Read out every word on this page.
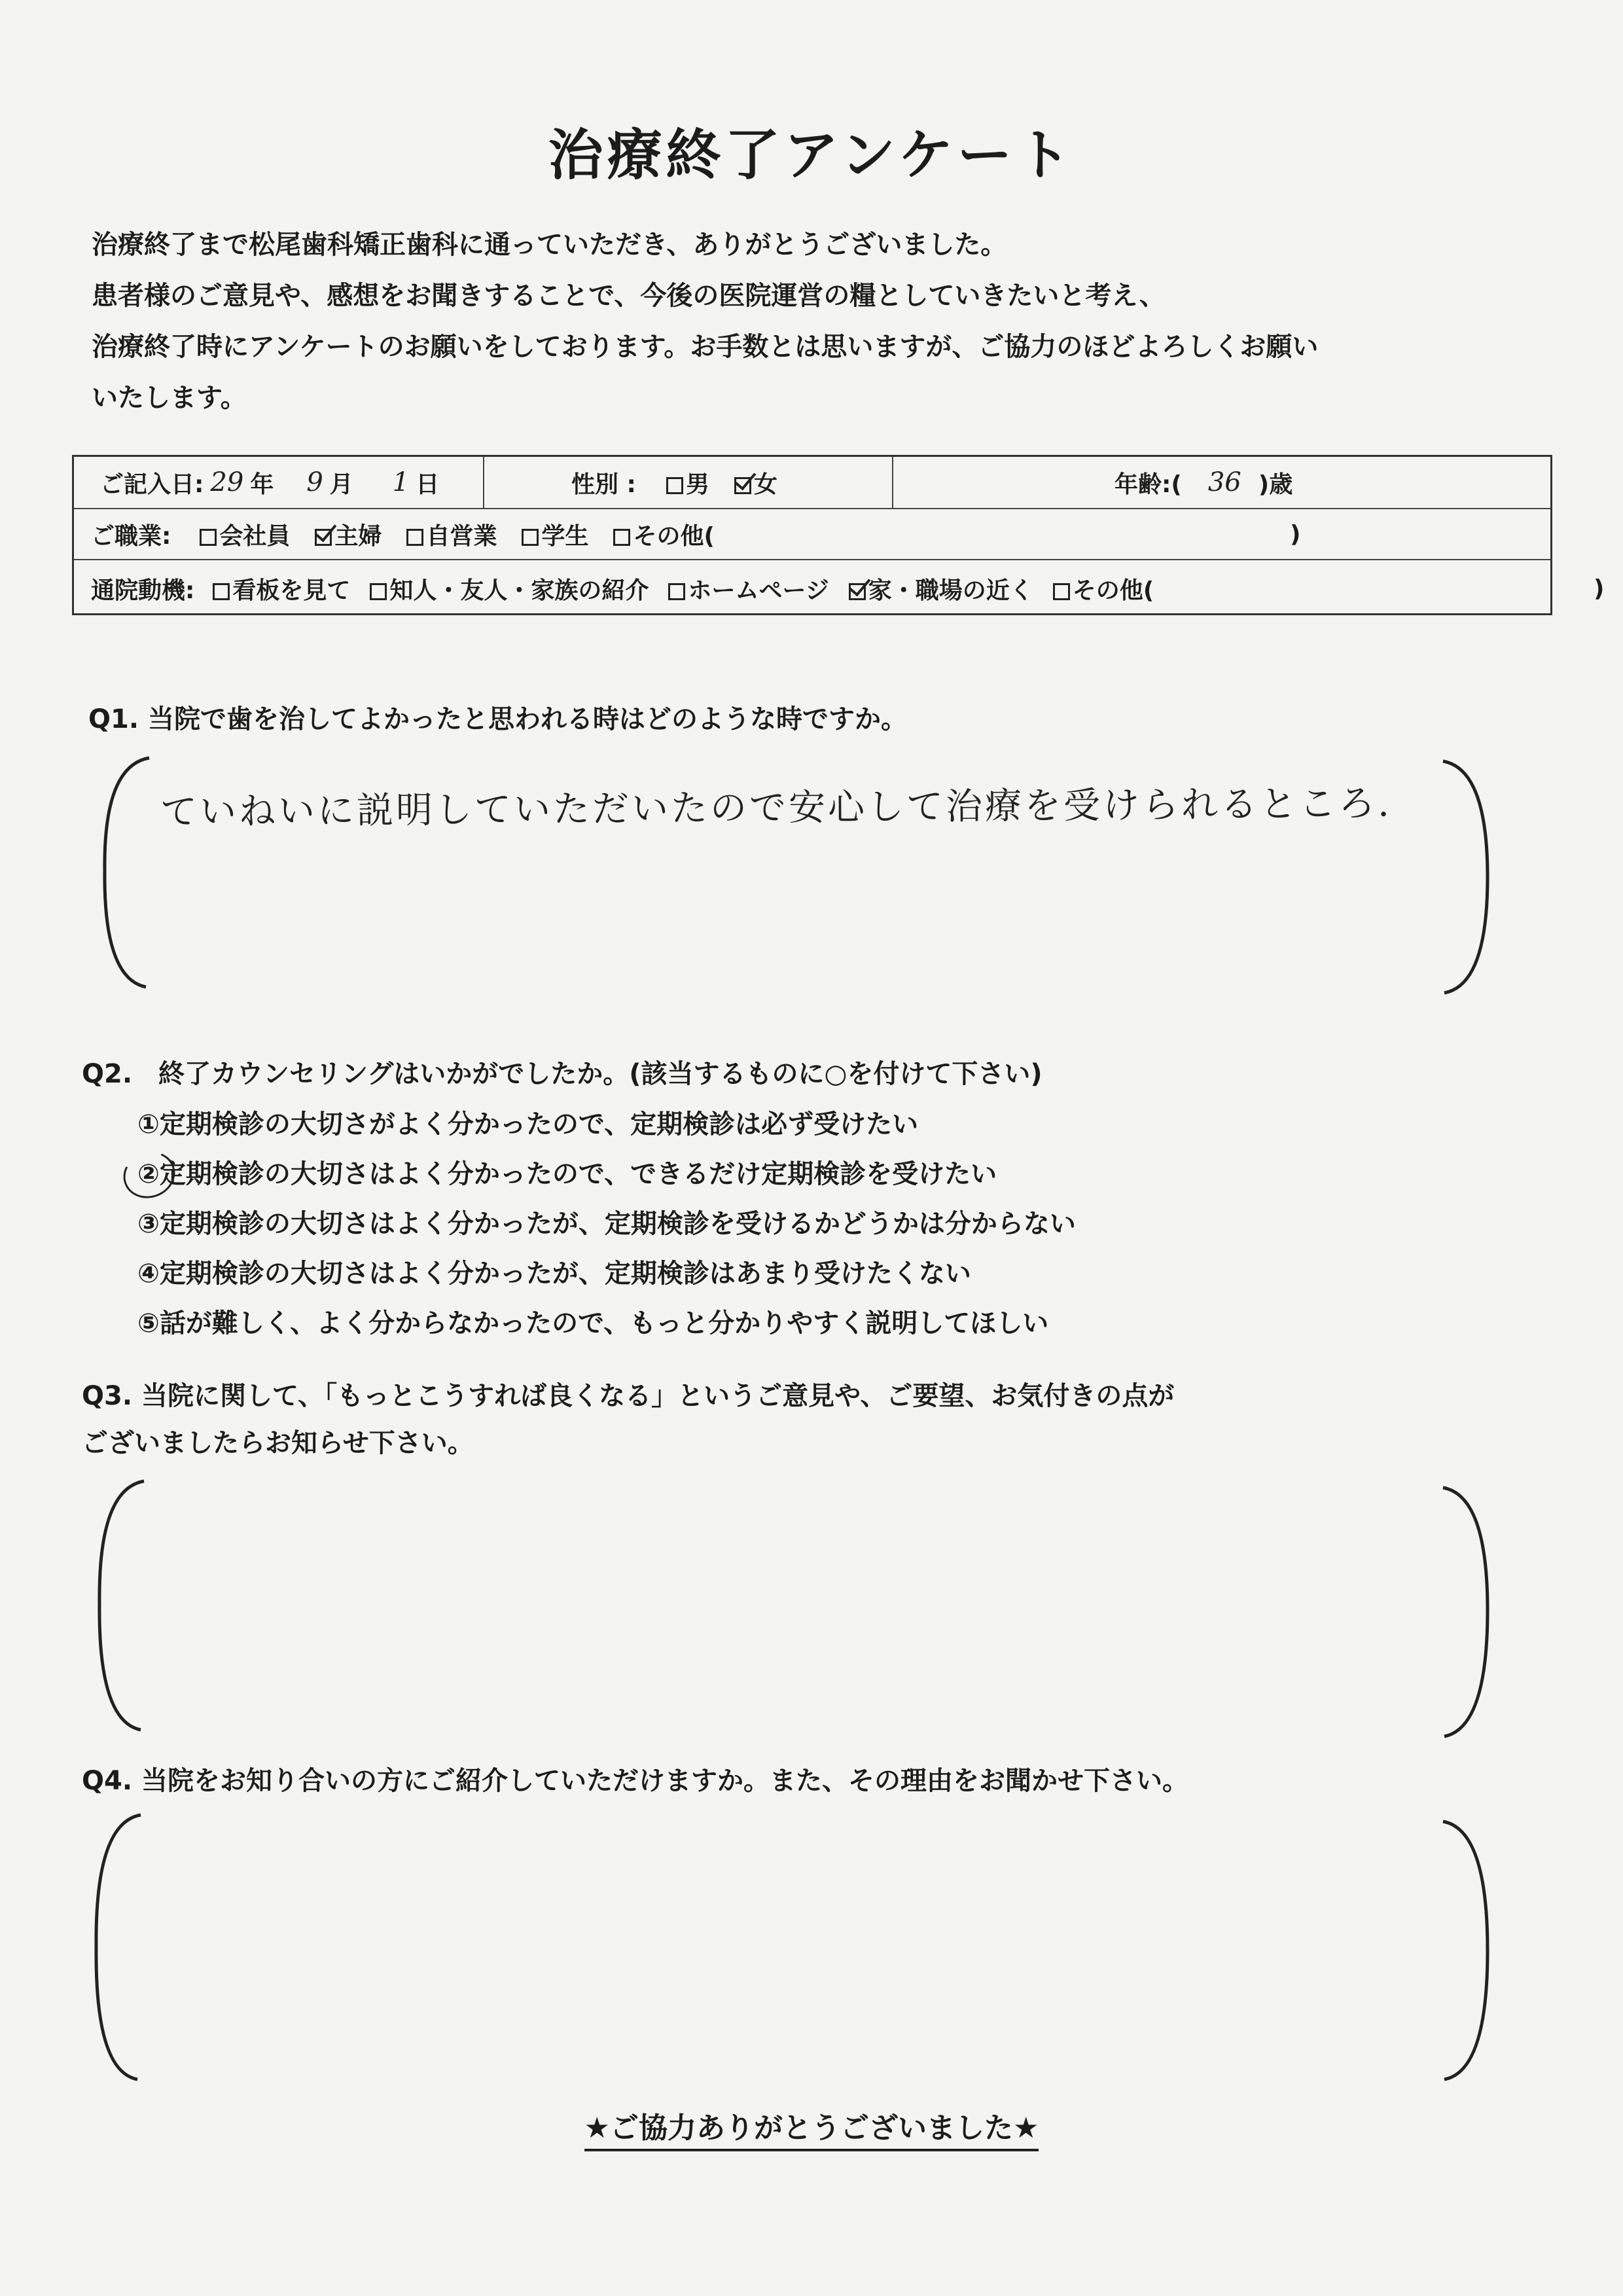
治療終了アンケート
治療終了まで松尾歯科矯正歯科に通っていただき、ありがとうございました。
患者様のご意見や、感想をお聞きすることで、今後の医院運営の糧としていきたいと考え、
治療終了時にアンケートのお願いをしております。お手数とは思いますが、ご協力のほどよろしくお願い
いたします。
ご記入日: 29 年 9 月 1 日	性別 :	男	女	年齢:( 36 )歳
ご職業:	会社員	主婦	自営業	学生	その他(	)
通院動機:	看板を見て	知人・友人・家族の紹介	ホームページ	家・職場の近く	その他(	)
Q1. 当院で歯を治してよかったと思われる時はどのような時ですか。
ていねいに説明していただいたので安心して治療を受けられるところ.
Q2.　終了カウンセリングはいかがでしたか。(該当するものに○を付けて下さい)
①定期検診の大切さがよく分かったので、定期検診は必ず受けたい
②定期検診の大切さはよく分かったので、できるだけ定期検診を受けたい
③定期検診の大切さはよく分かったが、定期検診を受けるかどうかは分からない
④定期検診の大切さはよく分かったが、定期検診はあまり受けたくない
⑤話が難しく、よく分からなかったので、もっと分かりやすく説明してほしい
Q3. 当院に関して、「もっとこうすれば良くなる」というご意見や、ご要望、お気付きの点が
ございましたらお知らせ下さい。
Q4. 当院をお知り合いの方にご紹介していただけますか。また、その理由をお聞かせ下さい。
★ご協力ありがとうございました★
